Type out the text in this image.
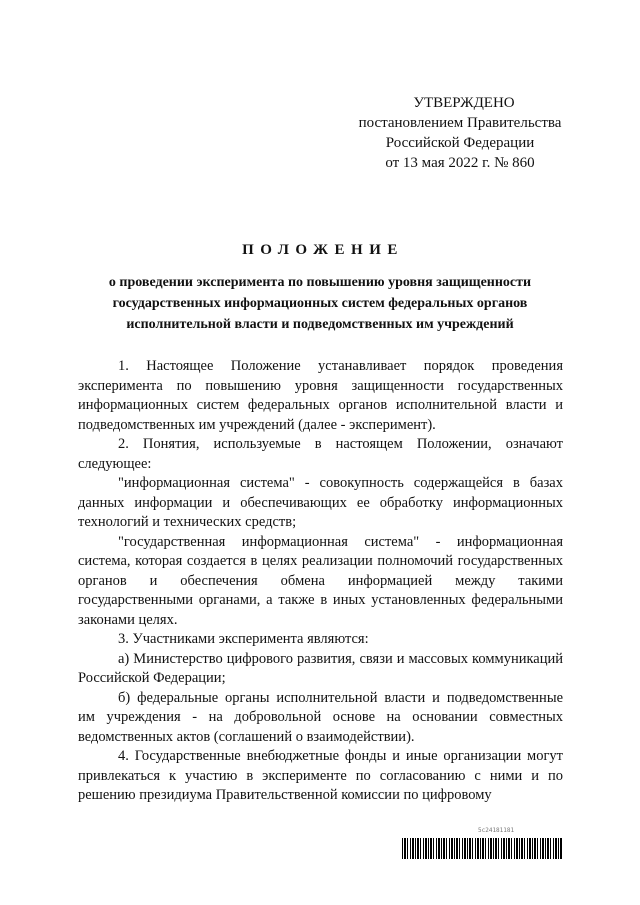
УТВЕРЖДЕНО
постановлением Правительства
Российской Федерации
от 13 мая 2022 г. № 860
ПОЛОЖЕНИЕ
о проведении эксперимента по повышению уровня защищенности государственных информационных систем федеральных органов исполнительной власти и подведомственных им учреждений

1. Настоящее Положение устанавливает порядок проведения эксперимента по повышению уровня защищенности государственных информационных систем федеральных органов исполнительной власти и подведомственных им учреждений (далее - эксперимент).

2. Понятия, используемые в настоящем Положении, означают следующее:

"информационная система" - совокупность содержащейся в базах данных информации и обеспечивающих ее обработку информационных технологий и технических средств;

"государственная информационная система" - информационная система, которая создается в целях реализации полномочий государственных органов и обеспечения обмена информацией между такими государственными органами, а также в иных установленных федеральными законами целях.

3. Участниками эксперимента являются:

а) Министерство цифрового развития, связи и массовых коммуникаций Российской Федерации;

б) федеральные органы исполнительной власти и подведомственные им учреждения - на добровольной основе на основании совместных ведомственных актов (соглашений о взаимодействии).

4. Государственные внебюджетные фонды и иные организации могут привлекаться к участию в эксперименте по согласованию с ними и по решению президиума Правительственной комиссии по цифровому

5c24181181
